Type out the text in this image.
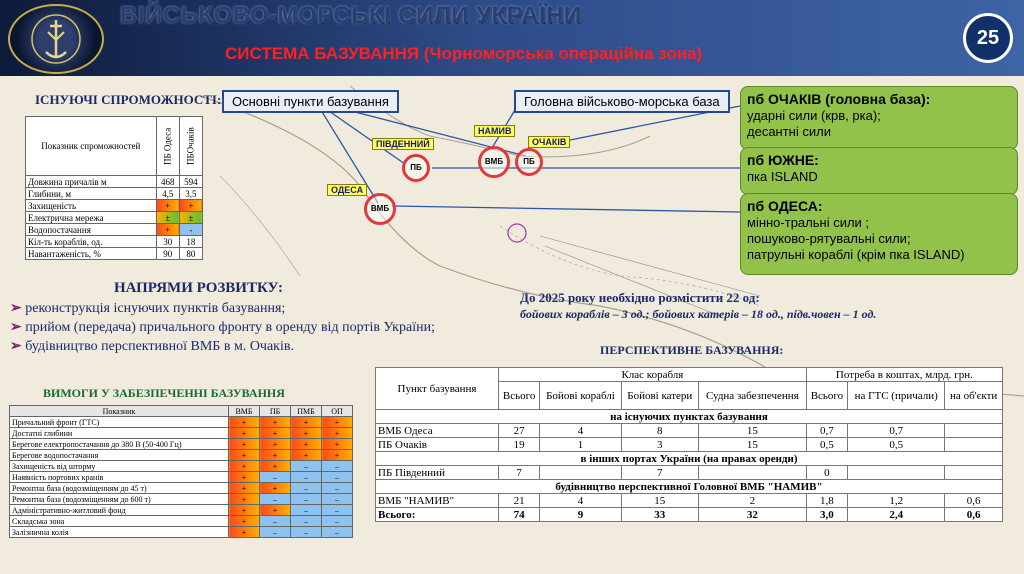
ВІЙСЬКОВО-МОРСЬКІ СИЛИ УКРАЇНИ
СИСТЕМА БАЗУВАННЯ (Чорноморська операційна зона)
25
Основні пункти базування	Головна військово-морська база
ПІВДЕННИЙ
НАМИВ
ОЧАКІВ
ОДЕСА
ПБ
ВМБ	ПБ
ВМБ
пб ОЧАКІВ (головна база):
ударні сили (крв, рка);
десантні сили
пб ЮЖНЕ:
пка ISLAND
пб ОДЕСА:
мінно-тральні сили ;
пошуково-рятувальні сили;
патрульні кораблі (крім пка ISLAND)
ІСНУЮЧІ СПРОМОЖНОСТІ:
Показник спроможностей	ПБ Одеса	ПБОчаків
Довжина причалів м	468	594
Глибини, м	4,5	3,5
Захищеність	+	+
Електрична мережа	±	±
Водопостачання	+	-
Кіл-ть кораблів, од.	30	18
Навантаженість, %	90	80
НАПРЯМИ РОЗВИТКУ:
➢ реконструкція існуючих пунктів базування;
➢ прийом (передача) причального фронту в оренду від портів України;
➢ будівництво перспективної ВМБ в м. Очаків.
До 2025 року необхідно розмістити 22 од:
бойових кораблів – 3 од.; бойових катерів – 18 од., підв.човен – 1 од.
ПЕРСПЕКТИВНЕ БАЗУВАННЯ:
ВИМОГИ У ЗАБЕЗПЕЧЕННІ БАЗУВАННЯ
Показник	ВМБ	ПБ	ПМБ	ОП
Причальний фронт (ГТС)	+	+	+	+
Достатні глибини	+	+	+	+
Берегове електропостачання до 380 В (50-400 Гц)	+	+	+	+
Берегове водопостачання	+	+	+	+
Захищеність від шторму	+	+	–	–
Наявність портових кранів	+	–	–	–
Ремонтна база (водозміщенням до 45 т)	+	+	–	–
Ремонтна база (водозміщенням до 600 т)	+	–	–	–
Адміністративно-житловий фонд	+	+	–	–
Складська зона	+	–	–	–
Залізнична колія	+	–	–	–
Пункт базування	Клас корабля				Потреба в коштах, млрд. грн.		
	Всього	Бойові кораблі	Бойові катери	Судна забезпечення	Всього	на ГТС (причали)	на об'єкти
на існуючих пунктах базування							
ВМБ Одеса	27	4	8	15	0,7	0,7	
ПБ Очаків	19	1	3	15	0,5	0,5	
в інших портах України (на правах оренди)							
ПБ Південний	7		7		0		
будівництво перспективної Головної ВМБ "НАМИВ"							
ВМБ "НАМИВ"	21	4	15	2	1,8	1,2	0,6
Всього:	74	9	33	32	3,0	2,4	0,6
